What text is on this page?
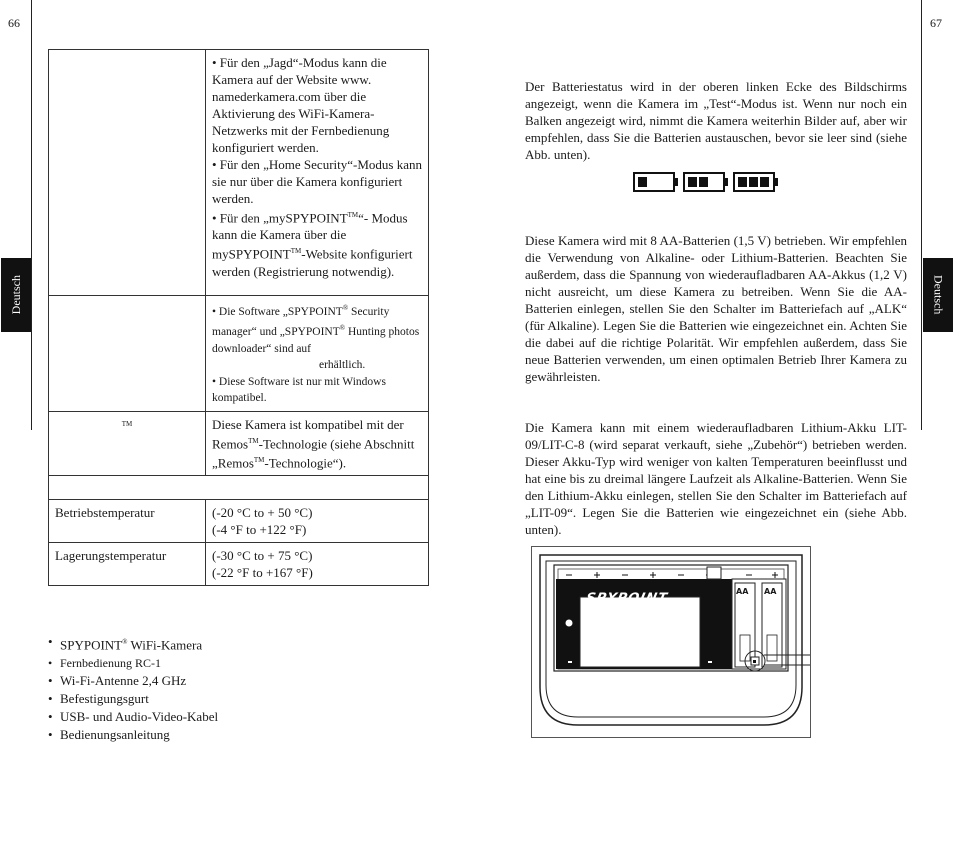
66	67
Deutsch	Deutsch
	• Für den „Jagd“-Modus kann die Kamera auf der Website www. namederkamera.com über die Aktivierung des WiFi-Kamera-Netzwerks mit der Fernbedienung konfiguriert werden.
• Für den „Home Security“-Modus kann sie nur über die Kamera konfiguriert werden.
• Für den „mySPYPOINT™“- Modus kann die Kamera über die mySPYPOINT™-Website konfiguriert werden (Registrierung notwendig).
	• Die Software „SPYPOINT® Security manager“ und „SPYPOINT® Hunting photos downloader“ sind auf
erhältlich.
• Diese Software ist nur mit Windows kompatibel.
™	Diese Kamera ist kompatibel mit der Remos™-Technologie (siehe Abschnitt „Remos™-Technologie“).

Betriebstemperatur	(-20 °C to + 50 °C)
(-4 °F to +122 °F)
Lagerungstemperatur	(-30 °C to + 75 °C)
(-22 °F to +167 °F)
• SPYPOINT® WiFi-Kamera
• Fernbedienung RC-1
• Wi-Fi-Antenne 2,4 GHz
• Befestigungsgurt
• USB- und Audio-Video-Kabel
• Bedienungsanleitung

Der Batteriestatus wird in der oberen linken Ecke des Bildschirms angezeigt, wenn die Kamera im „Test“-Modus ist. Wenn nur noch ein Balken angezeigt wird, nimmt die Kamera weiterhin Bilder auf, aber wir empfehlen, dass Sie die Batterien austauschen, bevor sie leer sind (siehe Abb. unten).

Diese Kamera wird mit 8 AA-Batterien (1,5 V) betrieben. Wir empfehlen die Verwendung von Alkaline- oder Lithium-Batterien. Beachten Sie außerdem, dass die Spannung von wiederaufladbaren AA-Akkus (1,2 V) nicht ausreicht, um diese Kamera zu betreiben. Wenn Sie die AA-Batterien einlegen, stellen Sie den Schalter im Batteriefach auf „ALK“ (für Alkaline). Legen Sie die Batterien wie eingezeichnet ein. Achten Sie die dabei auf die richtige Polarität. Wir empfehlen außerdem, dass Sie neue Batterien verwenden, um einen optimalen Betrieb Ihrer Kamera zu gewährleisten.

Die Kamera kann mit einem wiederaufladbaren Lithium-Akku LIT-09/LIT-C-8 (wird separat verkauft, siehe „Zubehör“) betrieben werden. Dieser Akku-Typ wird weniger von kalten Temperaturen beeinflusst und hat eine bis zu dreimal längere Laufzeit als Alkaline-Batterien. Wenn Sie den Lithium-Akku einlegen, stellen Sie den Schalter im Batteriefach auf „LIT-09“. Legen Sie die Batterien wie eingezeichnet ein (siehe Abb. unten).

SPYPOINT	AA AA
